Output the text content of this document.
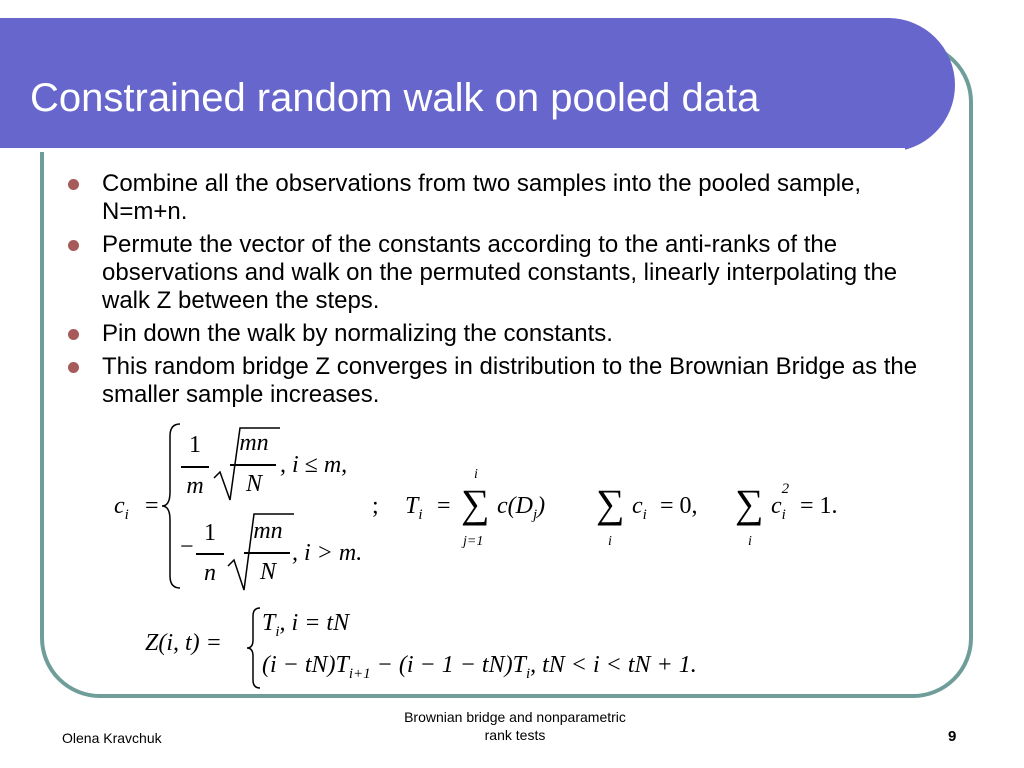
Constrained random walk on pooled data
Combine all the observations from two samples into the pooled sample, N=m+n.
Permute the vector of the constants according to the anti-ranks of the observations and walk on the permuted constants, linearly interpolating the walk Z between the steps.
Pin down the walk by normalizing the constants.
This random bridge Z converges in distribution to the Brownian Bridge as the smaller sample increases.
$c_i$ =
1
m
mn
N
, i ≤ m,
−
1
n
mn
N
, i > m.
; $T_i$ =
i
∑
j=1
$c(D_j)$ ∑
i
$c_i = 0$, ∑
i
c
2
$_i$ = 1.
Z(i, t) =
$T_i$, i = tN
$(i - tN)T_{i+1} - (i - 1 - tN)T_i$, tN < i < tN + 1.
Olena Kravchuk
Brownian bridge and nonparametric
rank tests	9
